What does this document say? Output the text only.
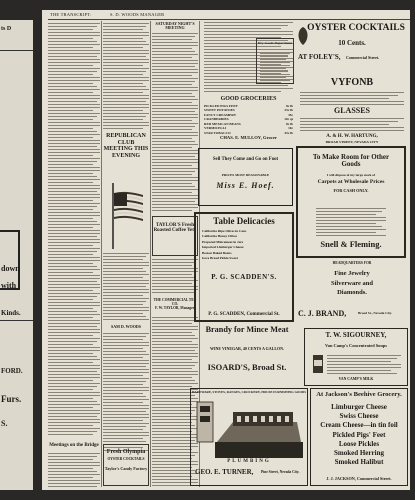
ts D
down
with
Kinds.
FORD.
Furs.
S.
THE TRANSCRIPT:	S. D. WOODS MANAGER
Meetings on the Bridge
REPUBLICAN CLUB MEETING THIS EVENING
SAM D. WOODS
Fresh Olympia
OYSTER COCKTAILS
Taylor's Candy Factory
SATURDAY NIGHT'S MEETING
TAYLOR'S Fresh Roasted Coffee Yet?
THE COMMERCIAL TEA CO.
F. W. TAYLOR, Manager.
GOOD GROCERIES
PICKLED PIGS FEET	8c lb
SWEET POTATOES	25c lb
FANCY CREAMERY	35c
CRANBERRIES	10c qt
RED MEXICAN BEANS	8c lb
VERMICELLI	10c
STAR TOBACCO	45c lb
CHAS. E. MULLOY, Grocer
Dry Goods Department
OYSTER COCKTAILS
10 Cents.
AT FOLEY'S, Commercial Street.
VYFONB
GLASSES
A. & H. W. HARTUNG,
BROAD STREET, NEVADA CITY
Sell They Come and Go on Foot
PRICES MOST REASONABLE
Miss E. Hoef.
Table Delicacies
California Ripe Olives in Cans
California Honey Olives
Prepared Mincemeat in Jars
Imported Limburger Cheese
Boston Baked Beans
Iowa Bread Pickle Sweet
P. G. SCADDEN'S.
P. G. SCADDEN, Commercial St.
To Make Room for Other Goods
I will dispose of my large stock of
Carpets at Wholesale Prices
FOR CASH ONLY.
Snell & Fleming.
HEADQUARTERS FOR
Fine Jewelry
Silverware and
Diamonds.
C. J. BRAND,	Broad St., Nevada City.
Brandy for Mince Meat
WINE VINEGAR, 40 CENTS A GALLON.
ISOARD'S, Broad St.
T. W. SIGOURNEY,
Van Camp's Concentrated Soups
VAN CAMP'S MILK
HARDWARE, STOVES, RANGES, CROCKERY, HOUSE FURNISHING GOODS
PLUMBING
GEO. E. TURNER, Pine Street, Nevada City.
At Jackson's Beehive Grocery.
Limburger Cheese
Swiss Cheese
Cream Cheese—in tin foil
Pickled Pigs' Feet
Loose Pickles
Smoked Herring
Smoked Halibut
J. J. JACKSON, Commercial Street.
